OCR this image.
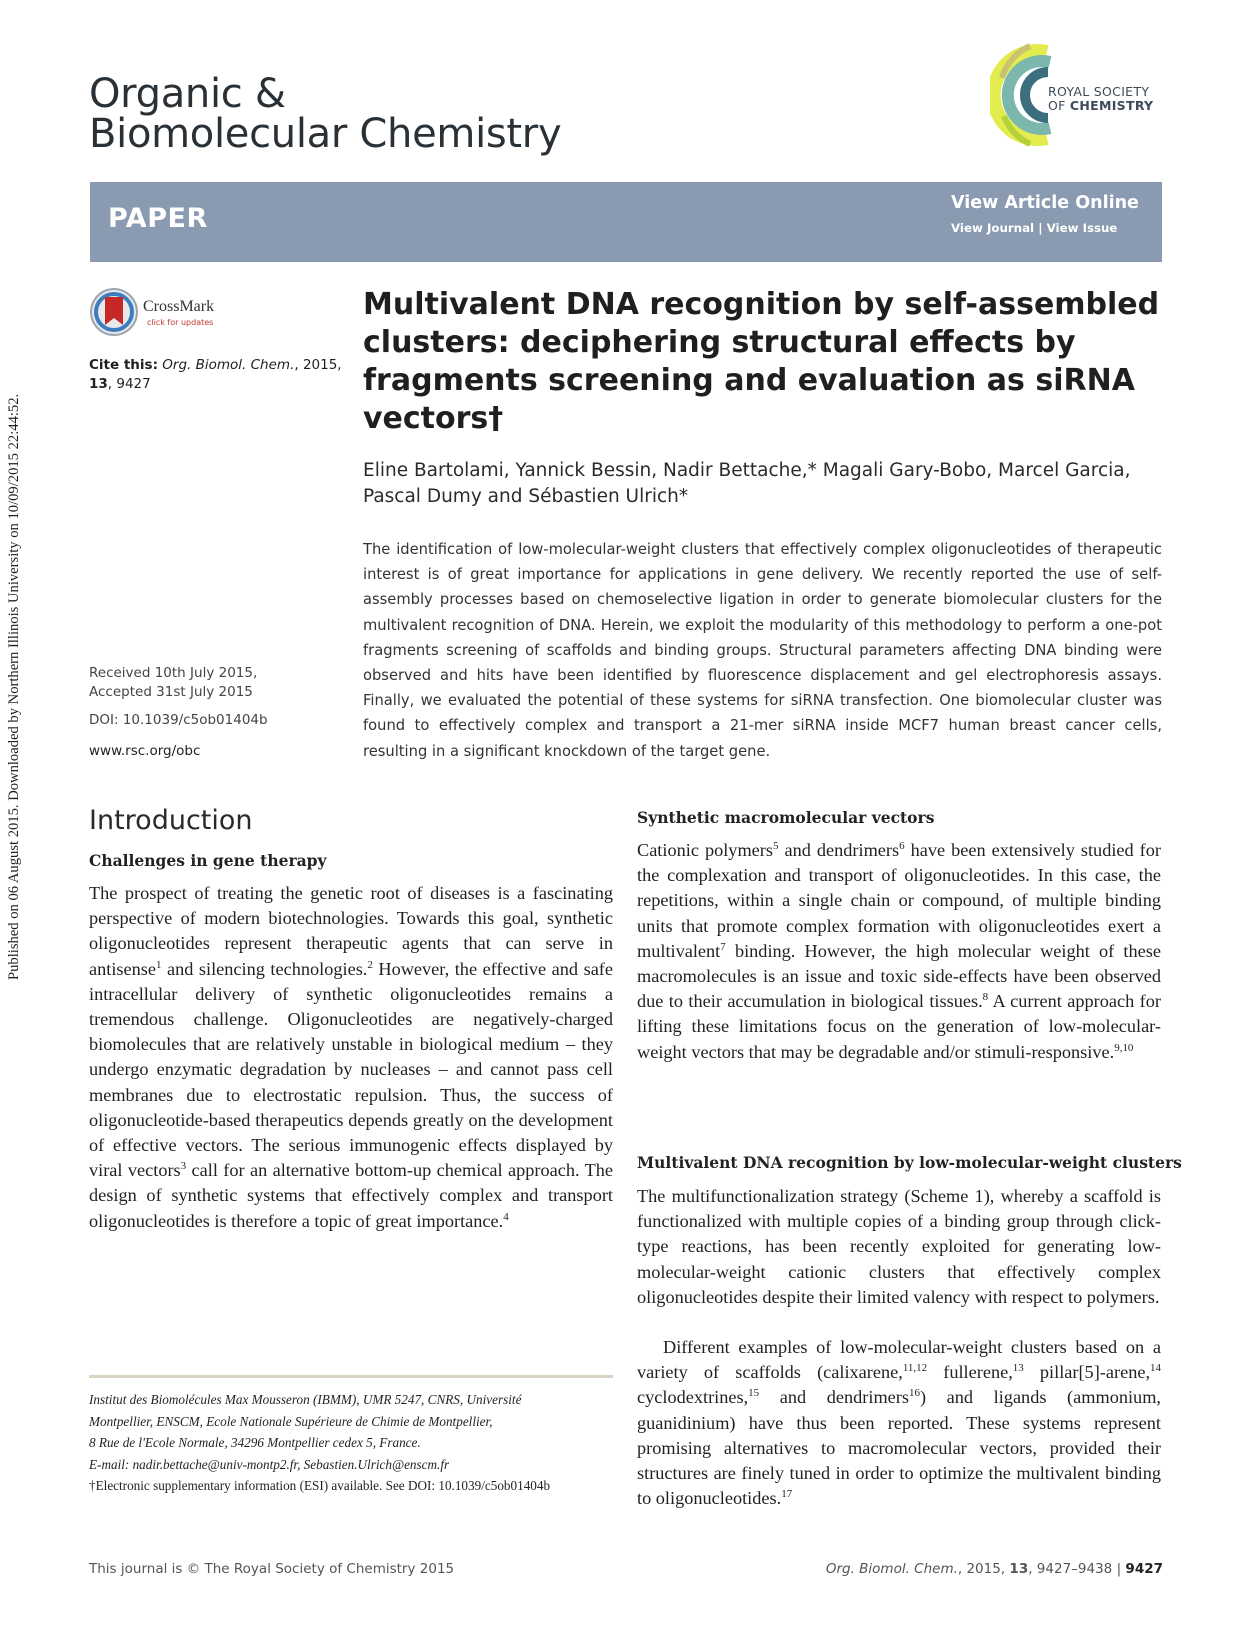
Published on 06 August 2015. Downloaded by Northern Illinois University on 10/09/2015 22:44:52.
Organic &
Biomolecular Chemistry
ROYAL SOCIETY
OF CHEMISTRY
PAPER	View Article Online
View Journal | View Issue
CrossMark
click for updates
Cite this: Org. Biomol. Chem., 2015,
13, 9427
Multivalent DNA recognition by self-assembled clusters: deciphering structural effects by fragments screening and evaluation as siRNA vectors†
Eline Bartolami, Yannick Bessin, Nadir Bettache,* Magali Gary-Bobo, Marcel Garcia,
Pascal Dumy and Sébastien Ulrich*
The identification of low-molecular-weight clusters that effectively complex oligonucleotides of therapeutic interest is of great importance for applications in gene delivery. We recently reported the use of self-assembly processes based on chemoselective ligation in order to generate biomolecular clusters for the multivalent recognition of DNA. Herein, we exploit the modularity of this methodology to perform a one-pot fragments screening of scaffolds and binding groups. Structural parameters affecting DNA binding were observed and hits have been identified by fluorescence displacement and gel electrophoresis assays. Finally, we evaluated the potential of these systems for siRNA transfection. One biomolecular cluster was found to effectively complex and transport a 21-mer siRNA inside MCF7 human breast cancer cells, resulting in a significant knockdown of the target gene.
Received 10th July 2015,
Accepted 31st July 2015
DOI: 10.1039/c5ob01404b
www.rsc.org/obc
Introduction
Challenges in gene therapy
The prospect of treating the genetic root of diseases is a fascinating perspective of modern biotechnologies. Towards this goal, synthetic oligonucleotides represent therapeutic agents that can serve in antisense$^1$ and silencing technologies.$^2$ However, the effective and safe intracellular delivery of synthetic oligonucleotides remains a tremendous challenge. Oligonucleotides are negatively-charged biomolecules that are relatively unstable in biological medium – they undergo enzymatic degradation by nucleases – and cannot pass cell membranes due to electrostatic repulsion. Thus, the success of oligonucleotide-based therapeutics depends greatly on the development of effective vectors. The serious immunogenic effects displayed by viral vectors$^3$ call for an alternative bottom-up chemical approach. The design of synthetic systems that effectively complex and transport oligonucleotides is therefore a topic of great importance.$^4$
Institut des Biomolécules Max Mousseron (IBMM), UMR 5247, CNRS, Université
Montpellier, ENSCM, Ecole Nationale Supérieure de Chimie de Montpellier,
8 Rue de l'Ecole Normale, 34296 Montpellier cedex 5, France.
E-mail: nadir.bettache@univ-montp2.fr, Sebastien.Ulrich@enscm.fr
†Electronic supplementary information (ESI) available. See DOI: 10.1039/c5ob01404b
Synthetic macromolecular vectors
Cationic polymers$^5$ and dendrimers$^6$ have been extensively studied for the complexation and transport of oligonucleotides. In this case, the repetitions, within a single chain or compound, of multiple binding units that promote complex formation with oligonucleotides exert a multivalent$^7$ binding. However, the high molecular weight of these macromolecules is an issue and toxic side-effects have been observed due to their accumulation in biological tissues.$^8$ A current approach for lifting these limitations focus on the generation of low-molecular-weight vectors that may be degradable and/or stimuli-responsive.$^{9,10}$
Multivalent DNA recognition by low-molecular-weight clusters
The multifunctionalization strategy (Scheme 1), whereby a scaffold is functionalized with multiple copies of a binding group through click-type reactions, has been recently exploited for generating low-molecular-weight cationic clusters that effectively complex oligonucleotides despite their limited valency with respect to polymers.
Different examples of low-molecular-weight clusters based on a variety of scaffolds (calixarene,$^{11,12}$ fullerene,$^{13}$ pillar[5]-arene,$^{14}$ cyclodextrines,$^{15}$ and dendrimers$^{16}$) and ligands (ammonium, guanidinium) have thus been reported. These systems represent promising alternatives to macromolecular vectors, provided their structures are finely tuned in order to optimize the multivalent binding to oligonucleotides.$^{17}$
This journal is © The Royal Society of Chemistry 2015	Org. Biomol. Chem., 2015, 13, 9427–9438 | 9427
